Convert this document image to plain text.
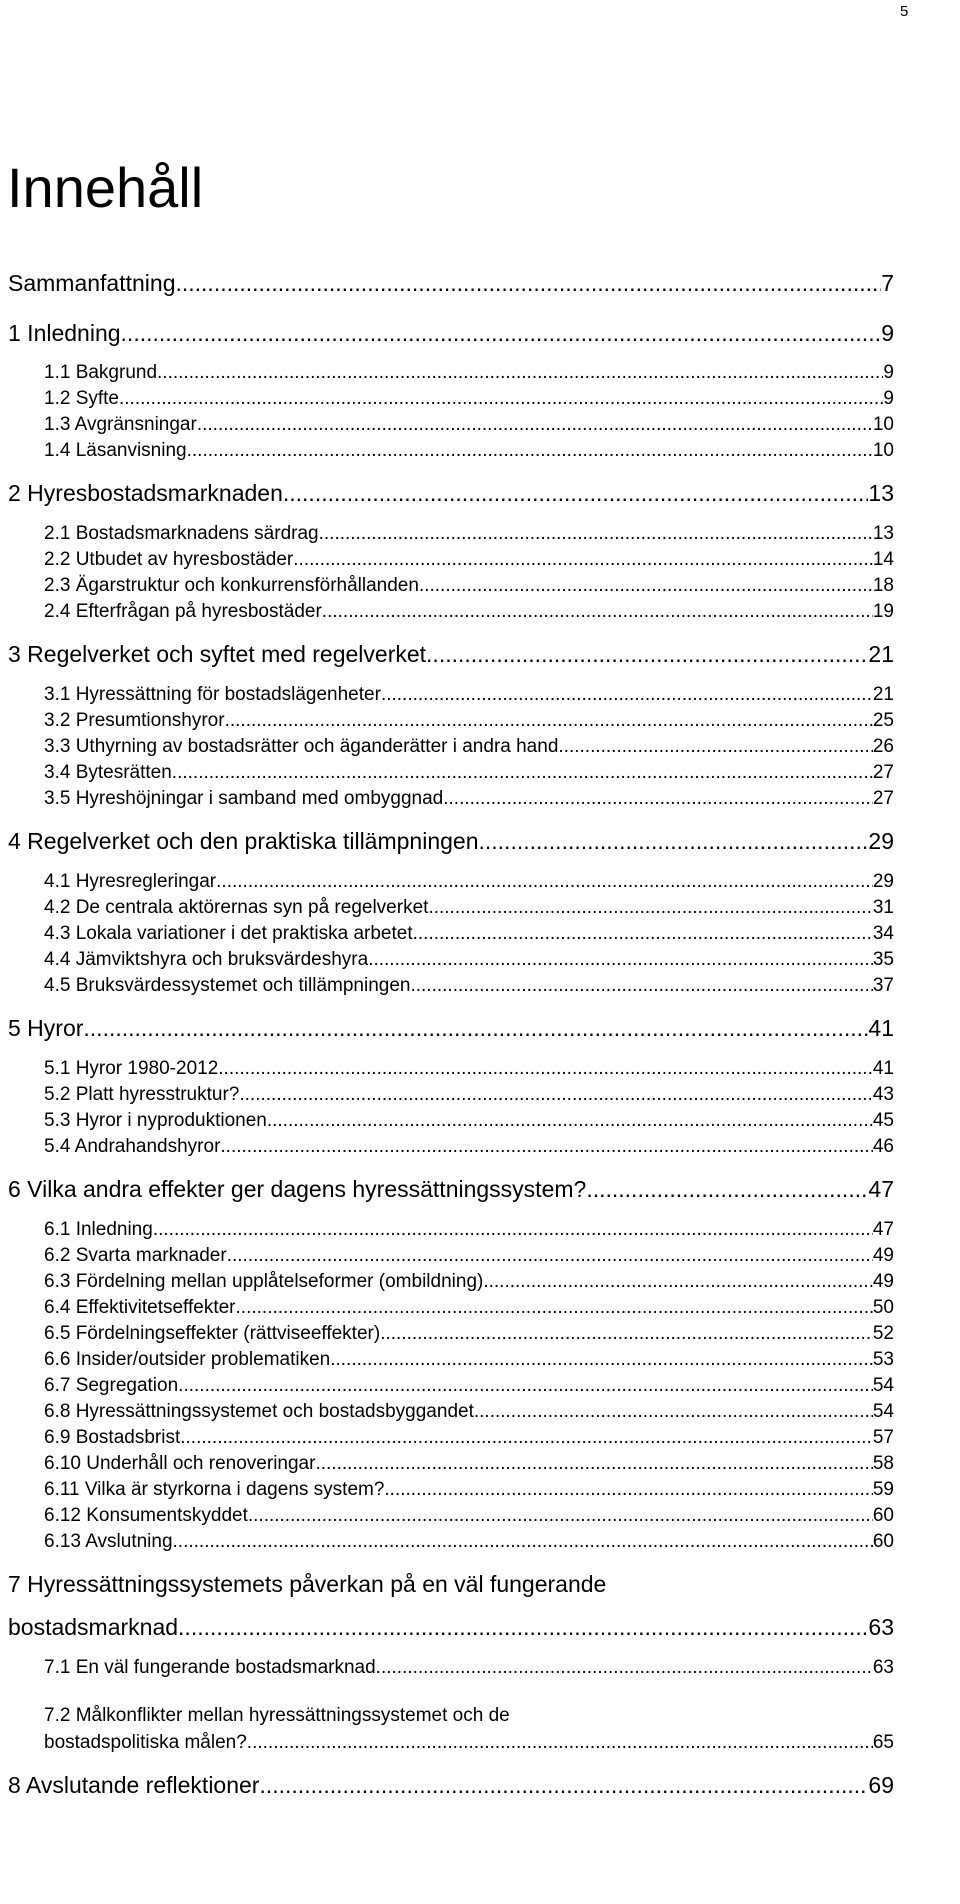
5
Innehåll
Sammanfattning .....	7
1 Inledning .....	9
1.1 Bakgrund .....	9
1.2 Syfte .....	9
1.3 Avgränsningar .....	10
1.4 Läsanvisning .....	10
2 Hyresbostadsmarknaden .....	13
2.1 Bostadsmarknadens särdrag .....	13
2.2 Utbudet av hyresbostäder .....	14
2.3 Ägarstruktur och konkurrensförhållanden .....	18
2.4 Efterfrågan på hyresbostäder .....	19
3 Regelverket och syftet med regelverket .....	21
3.1 Hyressättning för bostadslägenheter .....	21
3.2 Presumtionshyror .....	25
3.3 Uthyrning av bostadsrätter och äganderätter i andra hand .....	26
3.4 Bytesrätten .....	27
3.5 Hyreshöjningar i samband med ombyggnad .....	27
4 Regelverket och den praktiska tillämpningen .....	29
4.1 Hyresregleringar .....	29
4.2 De centrala aktörernas syn på regelverket .....	31
4.3 Lokala variationer i det praktiska arbetet .....	34
4.4 Jämviktshyra och bruksvärdeshyra .....	35
4.5 Bruksvärdessystemet och tillämpningen .....	37
5 Hyror .....	41
5.1 Hyror 1980-2012 .....	41
5.2 Platt hyresstruktur? .....	43
5.3 Hyror i nyproduktionen .....	45
5.4 Andrahandshyror .....	46
6 Vilka andra effekter ger dagens hyressättningssystem? .....	47
6.1 Inledning .....	47
6.2 Svarta marknader .....	49
6.3 Fördelning mellan upplåtelseformer (ombildning) .....	49
6.4 Effektivitetseffekter .....	50
6.5 Fördelningseffekter (rättviseeffekter) .....	52
6.6 Insider/outsider problematiken .....	53
6.7 Segregation .....	54
6.8 Hyressättningssystemet och bostadsbyggandet .....	54
6.9 Bostadsbrist .....	57
6.10 Underhåll och renoveringar .....	58
6.11 Vilka är styrkorna i dagens system? .....	59
6.12 Konsumentskyddet .....	60
6.13 Avslutning .....	60
7 Hyressättningssystemets påverkan på en väl fungerande
bostadsmarknad .....	63
7.1 En väl fungerande bostadsmarknad .....	63
7.2 Målkonflikter mellan hyressättningssystemet och de
bostadspolitiska målen? .....	65
8 Avslutande reflektioner .....	69
